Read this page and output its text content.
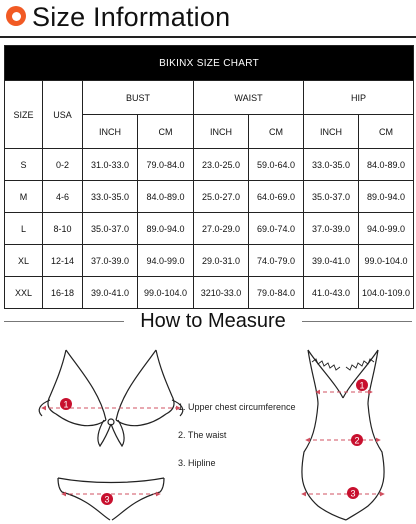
Size Information
BIKINX SIZE CHART							
SIZE	USA	BUST		WAIST		HIP	
		INCH	CM	INCH	CM	INCH	CM
S	0-2	31.0-33.0	79.0-84.0	23.0-25.0	59.0-64.0	33.0-35.0	84.0-89.0
M	4-6	33.0-35.0	84.0-89.0	25.0-27.0	64.0-69.0	35.0-37.0	89.0-94.0
L	8-10	35.0-37.0	89.0-94.0	27.0-29.0	69.0-74.0	37.0-39.0	94.0-99.0
XL	12-14	37.0-39.0	94.0-99.0	29.0-31.0	74.0-79.0	39.0-41.0	99.0-104.0
XXL	16-18	39.0-41.0	99.0-104.0	3210-33.0	79.0-84.0	41.0-43.0	104.0-109.0
How to Measure
1
3
1
2
3
1. Upper chest circumference
2. The waist
3. Hipline
